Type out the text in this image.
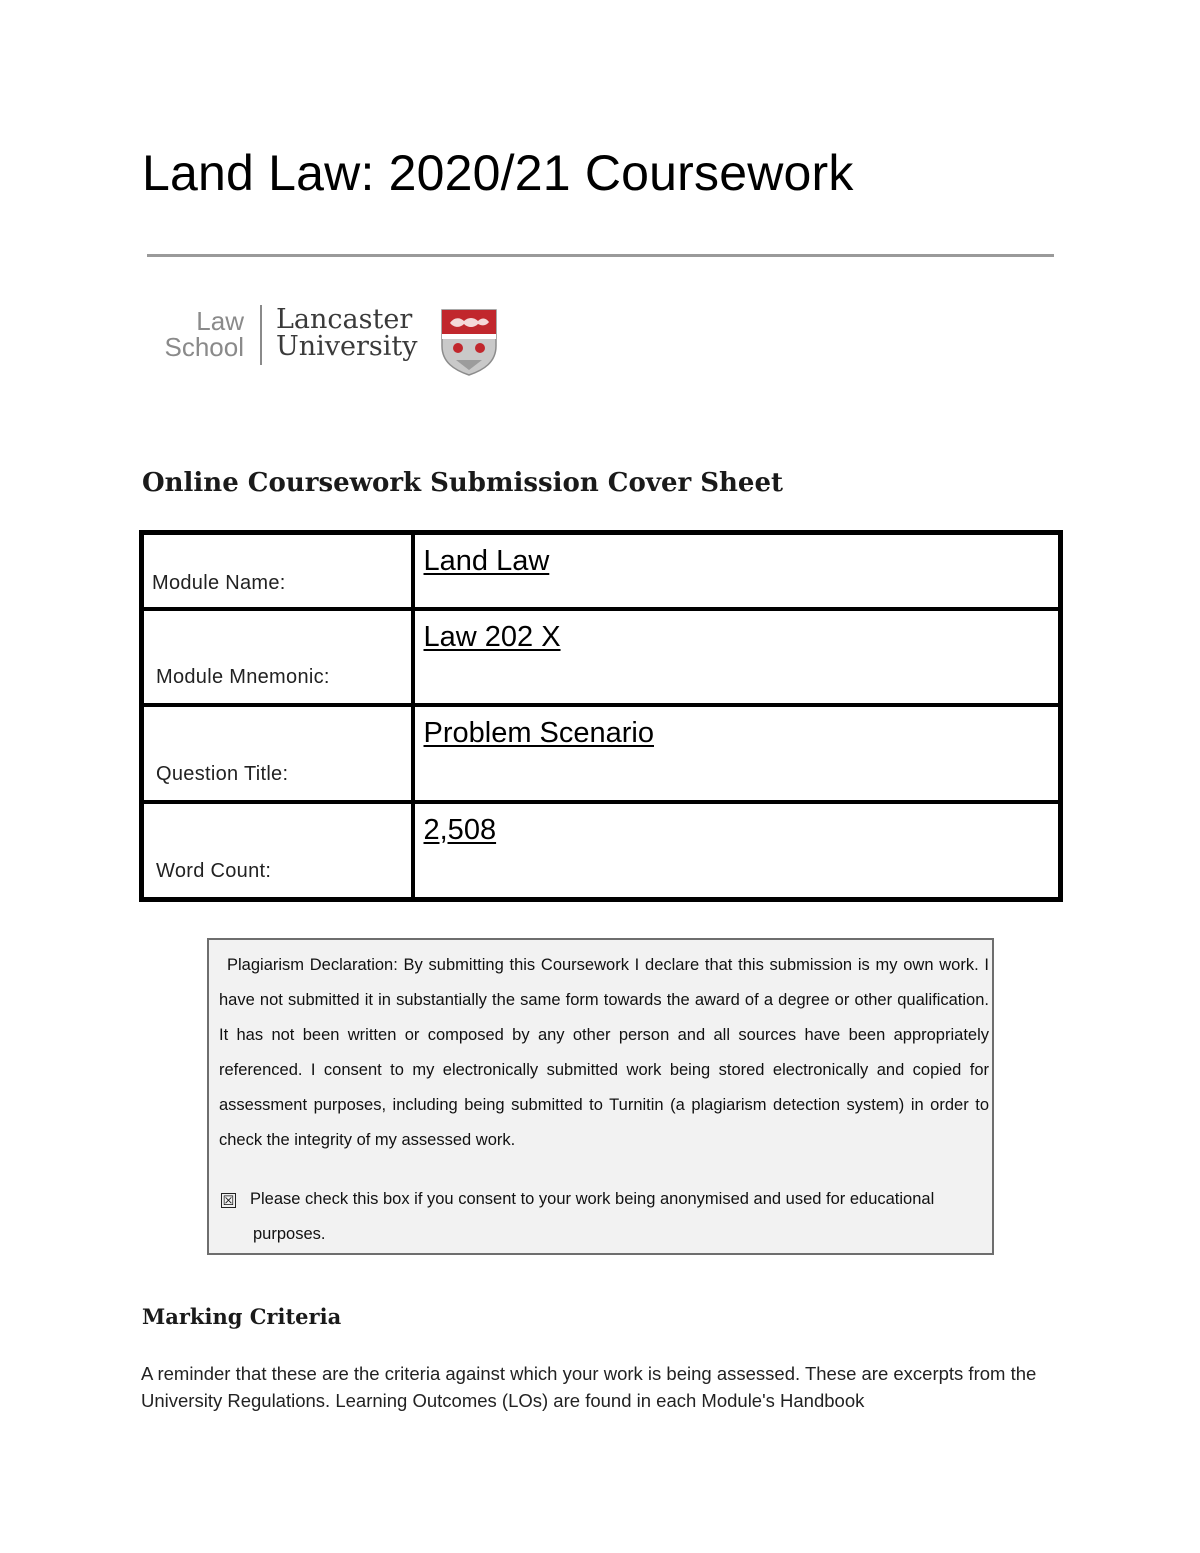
Land Law: 2020/21 Coursework
Law
School
Lancaster
University
Online Coursework Submission Cover Sheet
Module Name:	Land Law

Module Mnemonic:	Law 202 X

Question Title:	Problem Scenario

Word Count:	2,508

Plagiarism Declaration: By submitting this Coursework I declare that this submission is my own work. I have not submitted it in substantially the same form towards the award of a degree or other qualification. It has not been written or composed by any other person and all sources have been appropriately referenced. I consent to my electronically submitted work being stored electronically and copied for assessment purposes, including being submitted to Turnitin (a plagiarism detection system) in order to check the integrity of my assessed work.

☒ Please check this box if you consent to your work being anonymised and used for educational
purposes.
Marking Criteria

A reminder that these are the criteria against which your work is being assessed. These are excerpts from the University Regulations. Learning Outcomes (LOs) are found in each Module's Handbook
